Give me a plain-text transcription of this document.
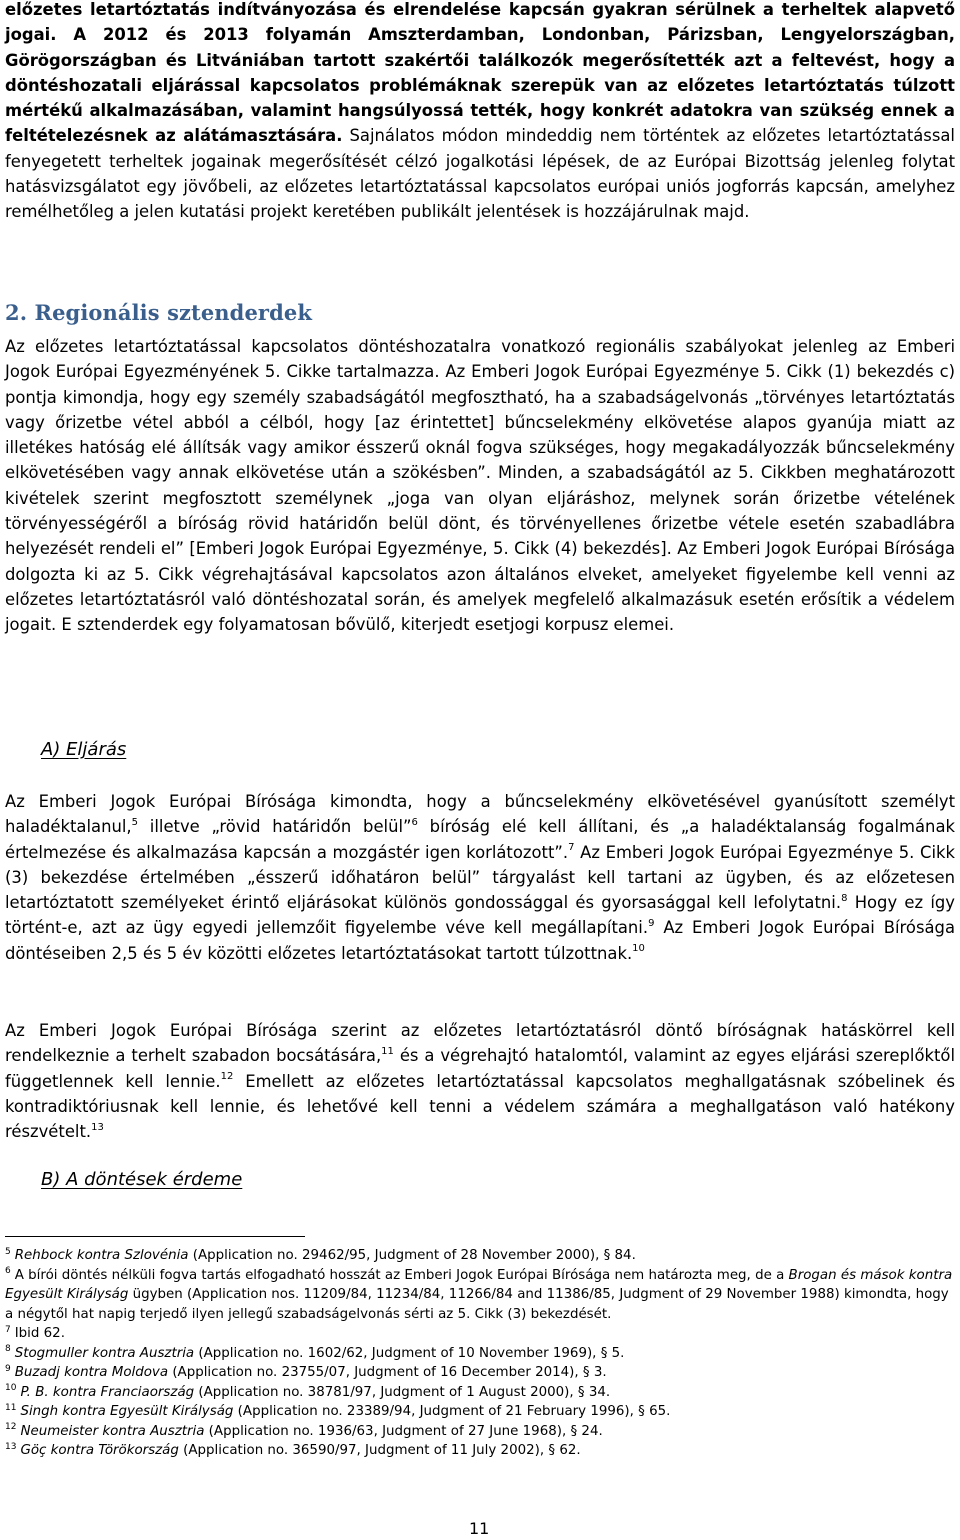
előzetes letartóztatás indítványozása és elrendelése kapcsán gyakran sérülnek a terheltek alapvető jogai. A 2012 és 2013 folyamán Amszterdamban, Londonban, Párizsban, Lengyelországban, Görögországban és Litvániában tartott szakértői találkozók megerősítették azt a feltevést, hogy a döntéshozatali eljárással kapcsolatos problémáknak szerepük van az előzetes letartóztatás túlzott mértékű alkalmazásában, valamint hangsúlyossá tették, hogy konkrét adatokra van szükség ennek a feltételezésnek az alátámasztására. Sajnálatos módon mindeddig nem történtek az előzetes letartóztatással fenyegetett terheltek jogainak megerősítését célzó jogalkotási lépések, de az Európai Bizottság jelenleg folytat hatásvizsgálatot egy jövőbeli, az előzetes letartóztatással kapcsolatos európai uniós jogforrás kapcsán, amelyhez remélhetőleg a jelen kutatási projekt keretében publikált jelentések is hozzájárulnak majd.

2. Regionális sztenderdek

Az előzetes letartóztatással kapcsolatos döntéshozatalra vonatkozó regionális szabályokat jelenleg az Emberi Jogok Európai Egyezményének 5. Cikke tartalmazza. Az Emberi Jogok Európai Egyezménye 5. Cikk (1) bekezdés c) pontja kimondja, hogy egy személy szabadságától megfosztható, ha a szabadságelvonás „törvényes letartóztatás vagy őrizetbe vétel abból a célból, hogy [az érintettet] bűncselekmény elkövetése alapos gyanúja miatt az illetékes hatóság elé állítsák vagy amikor ésszerű oknál fogva szükséges, hogy megakadályozzák bűncselekmény elkövetésében vagy annak elkövetése után a szökésben”. Minden, a szabadságától az 5. Cikkben meghatározott kivételek szerint megfosztott személynek „joga van olyan eljáráshoz, melynek során őrizetbe vételének törvényességéről a bíróság rövid határidőn belül dönt, és törvényellenes őrizetbe vétele esetén szabadlábra helyezését rendeli el” [Emberi Jogok Európai Egyezménye, 5. Cikk (4) bekezdés]. Az Emberi Jogok Európai Bírósága dolgozta ki az 5. Cikk végrehajtásával kapcsolatos azon általános elveket, amelyeket figyelembe kell venni az előzetes letartóztatásról való döntéshozatal során, és amelyek megfelelő alkalmazásuk esetén erősítik a védelem jogait. E sztenderdek egy folyamatosan bővülő, kiterjedt esetjogi korpusz elemei.

A) Eljárás

Az Emberi Jogok Európai Bírósága kimondta, hogy a bűncselekmény elkövetésével gyanúsított személyt haladéktalanul,$^5$ illetve „rövid határidőn belül”$^6$ bíróság elé kell állítani, és „a haladéktalanság fogalmának értelmezése és alkalmazása kapcsán a mozgástér igen korlátozott”.$^7$ Az Emberi Jogok Európai Egyezménye 5. Cikk (3) bekezdése értelmében „ésszerű időhatáron belül” tárgyalást kell tartani az ügyben, és az előzetesen letartóztatott személyeket érintő eljárásokat különös gondossággal és gyorsasággal kell lefolytatni.$^8$ Hogy ez így történt-e, azt az ügy egyedi jellemzőit figyelembe véve kell megállapítani.$^9$ Az Emberi Jogok Európai Bírósága döntéseiben 2,5 és 5 év közötti előzetes letartóztatásokat tartott túlzottnak.$^{10}$

Az Emberi Jogok Európai Bírósága szerint az előzetes letartóztatásról döntő bíróságnak hatáskörrel kell rendelkeznie a terhelt szabadon bocsátására,$^{11}$ és a végrehajtó hatalomtól, valamint az egyes eljárási szereplőktől függetlennek kell lennie.$^{12}$ Emellett az előzetes letartóztatással kapcsolatos meghallgatásnak szóbelinek és kontradiktóriusnak kell lennie, és lehetővé kell tenni a védelem számára a meghallgatáson való hatékony részvételt.$^{13}$

B) A döntések érdeme
$^5$ Rehbock kontra Szlovénia (Application no. 29462/95, Judgment of 28 November 2000), § 84.
$^6$ A bírói döntés nélküli fogva tartás elfogadható hosszát az Emberi Jogok Európai Bírósága nem határozta meg, de a Brogan és mások kontra Egyesült Királyság ügyben (Application nos. 11209/84, 11234/84, 11266/84 and 11386/85, Judgment of 29 November 1988) kimondta, hogy a négytől hat napig terjedő ilyen jellegű szabadságelvonás sérti az 5. Cikk (3) bekezdését.
$^7$ Ibid 62.
$^8$ Stogmuller kontra Ausztria (Application no. 1602/62, Judgment of 10 November 1969), § 5.
$^9$ Buzadj kontra Moldova (Application no. 23755/07, Judgment of 16 December 2014), § 3.
$^{10}$ P. B. kontra Franciaország (Application no. 38781/97, Judgment of 1 August 2000), § 34.
$^{11}$ Singh kontra Egyesült Királyság (Application no. 23389/94, Judgment of 21 February 1996), § 65.
$^{12}$ Neumeister kontra Ausztria (Application no. 1936/63, Judgment of 27 June 1968), § 24.
$^{13}$ Göç kontra Törökország (Application no. 36590/97, Judgment of 11 July 2002), § 62.
11
